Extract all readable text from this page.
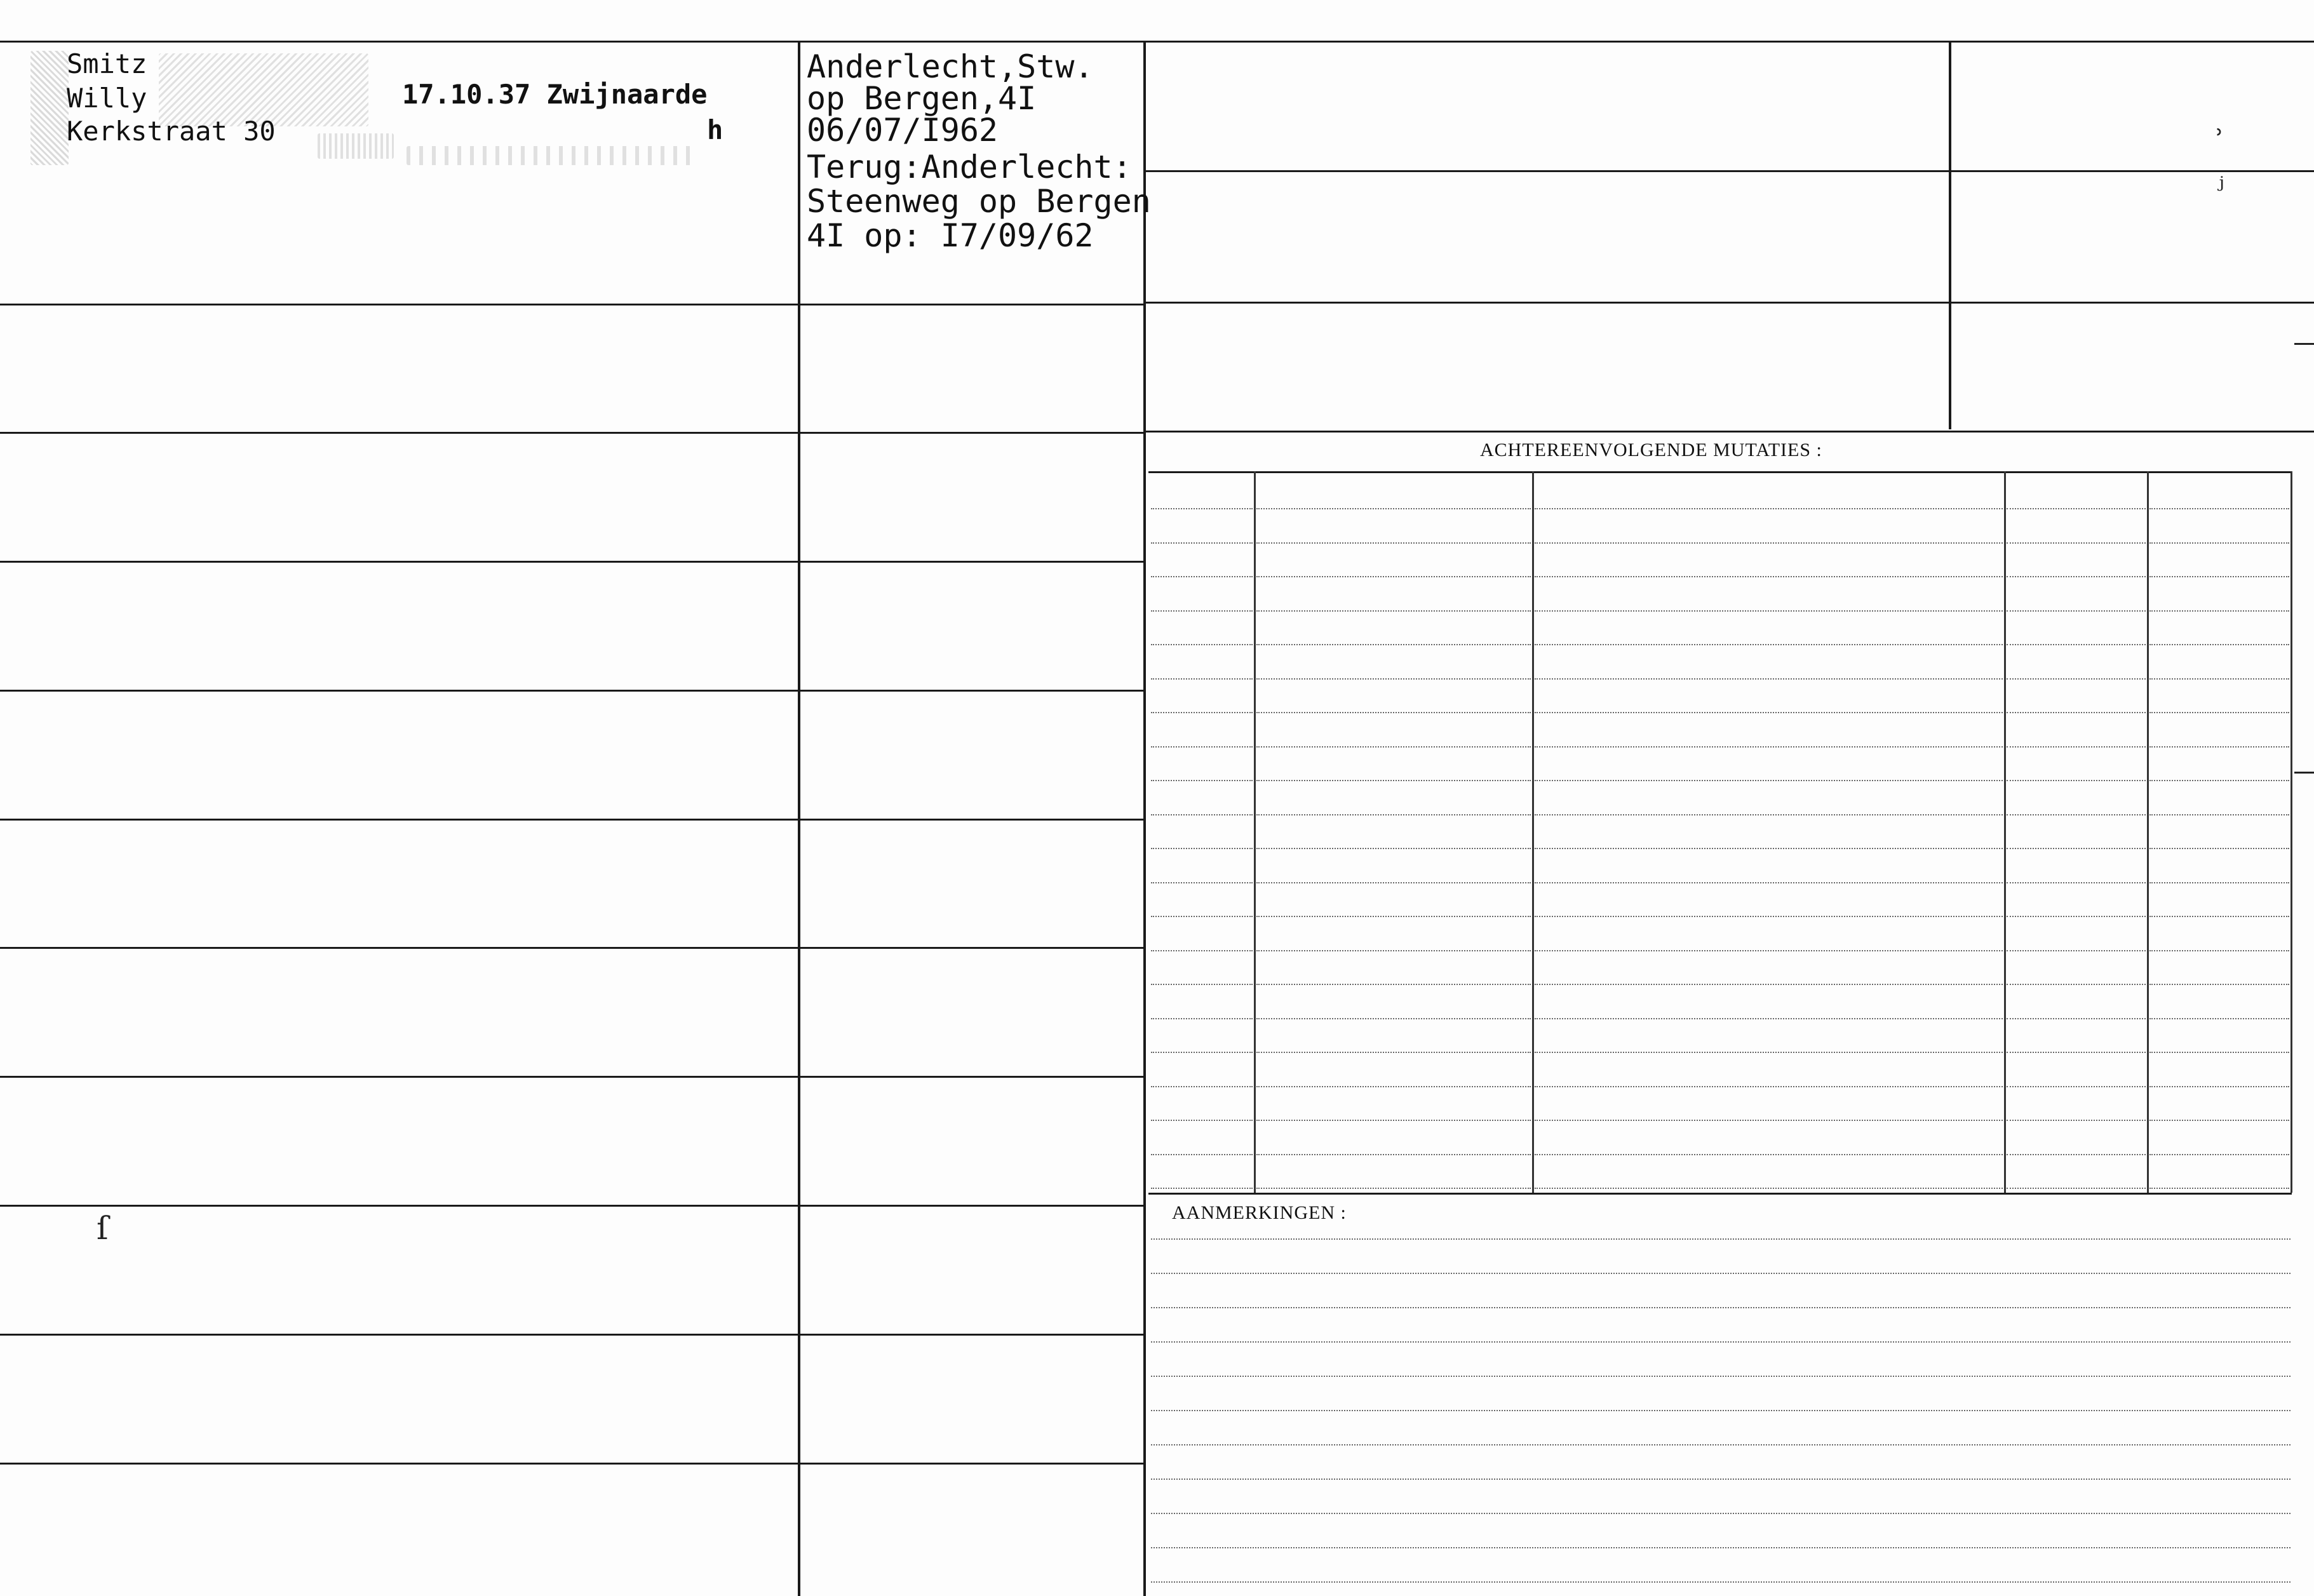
ACHTEREENVOLGENDE MUTATIES :
AANMERKINGEN :
Smitz
Willy
Kerkstraat 30
17.10.37 Zwijnaarde
h
Anderlecht,Stw.
op Bergen,4I
06/07/I962
Terug:Anderlecht:
Steenweg op Bergen
4I op: I7/09/62
ʾ
ⱼ
ſ
